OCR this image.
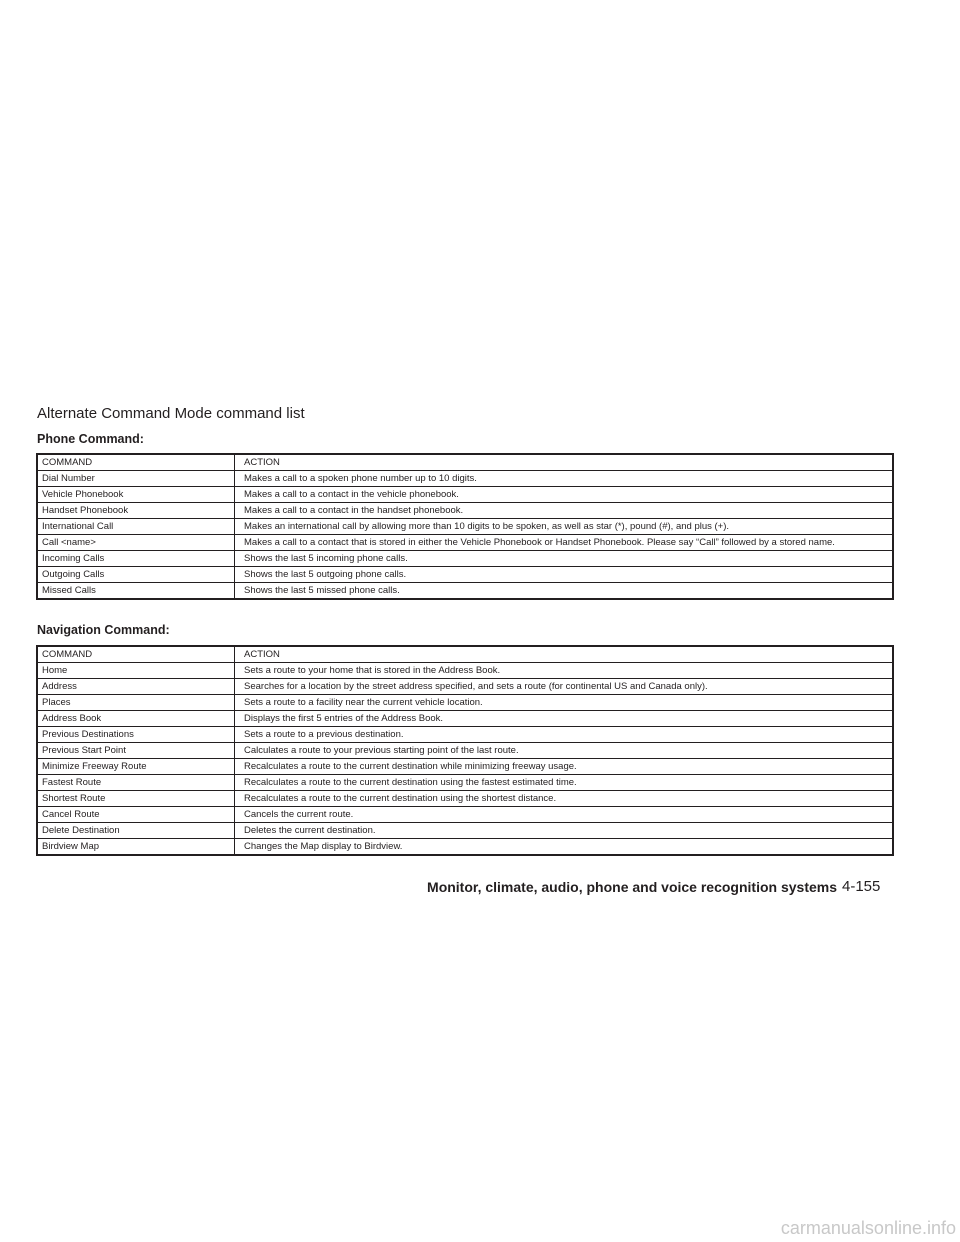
Alternate Command Mode command list
Phone Command:
COMMAND	ACTION
Dial Number	Makes a call to a spoken phone number up to 10 digits.
Vehicle Phonebook	Makes a call to a contact in the vehicle phonebook.
Handset Phonebook	Makes a call to a contact in the handset phonebook.
International Call	Makes an international call by allowing more than 10 digits to be spoken, as well as star (*), pound (#), and plus (+).
Call <name>	Makes a call to a contact that is stored in either the Vehicle Phonebook or Handset Phonebook. Please say “Call” followed by a stored name.
Incoming Calls	Shows the last 5 incoming phone calls.
Outgoing Calls	Shows the last 5 outgoing phone calls.
Missed Calls	Shows the last 5 missed phone calls.
Navigation Command:
COMMAND	ACTION
Home	Sets a route to your home that is stored in the Address Book.
Address	Searches for a location by the street address specified, and sets a route (for continental US and Canada only).
Places	Sets a route to a facility near the current vehicle location.
Address Book	Displays the first 5 entries of the Address Book.
Previous Destinations	Sets a route to a previous destination.
Previous Start Point	Calculates a route to your previous starting point of the last route.
Minimize Freeway Route	Recalculates a route to the current destination while minimizing freeway usage.
Fastest Route	Recalculates a route to the current destination using the fastest estimated time.
Shortest Route	Recalculates a route to the current destination using the shortest distance.
Cancel Route	Cancels the current route.
Delete Destination	Deletes the current destination.
Birdview Map	Changes the Map display to Birdview.
Monitor, climate, audio, phone and voice recognition systems 4-155
carmanualsonline.info
